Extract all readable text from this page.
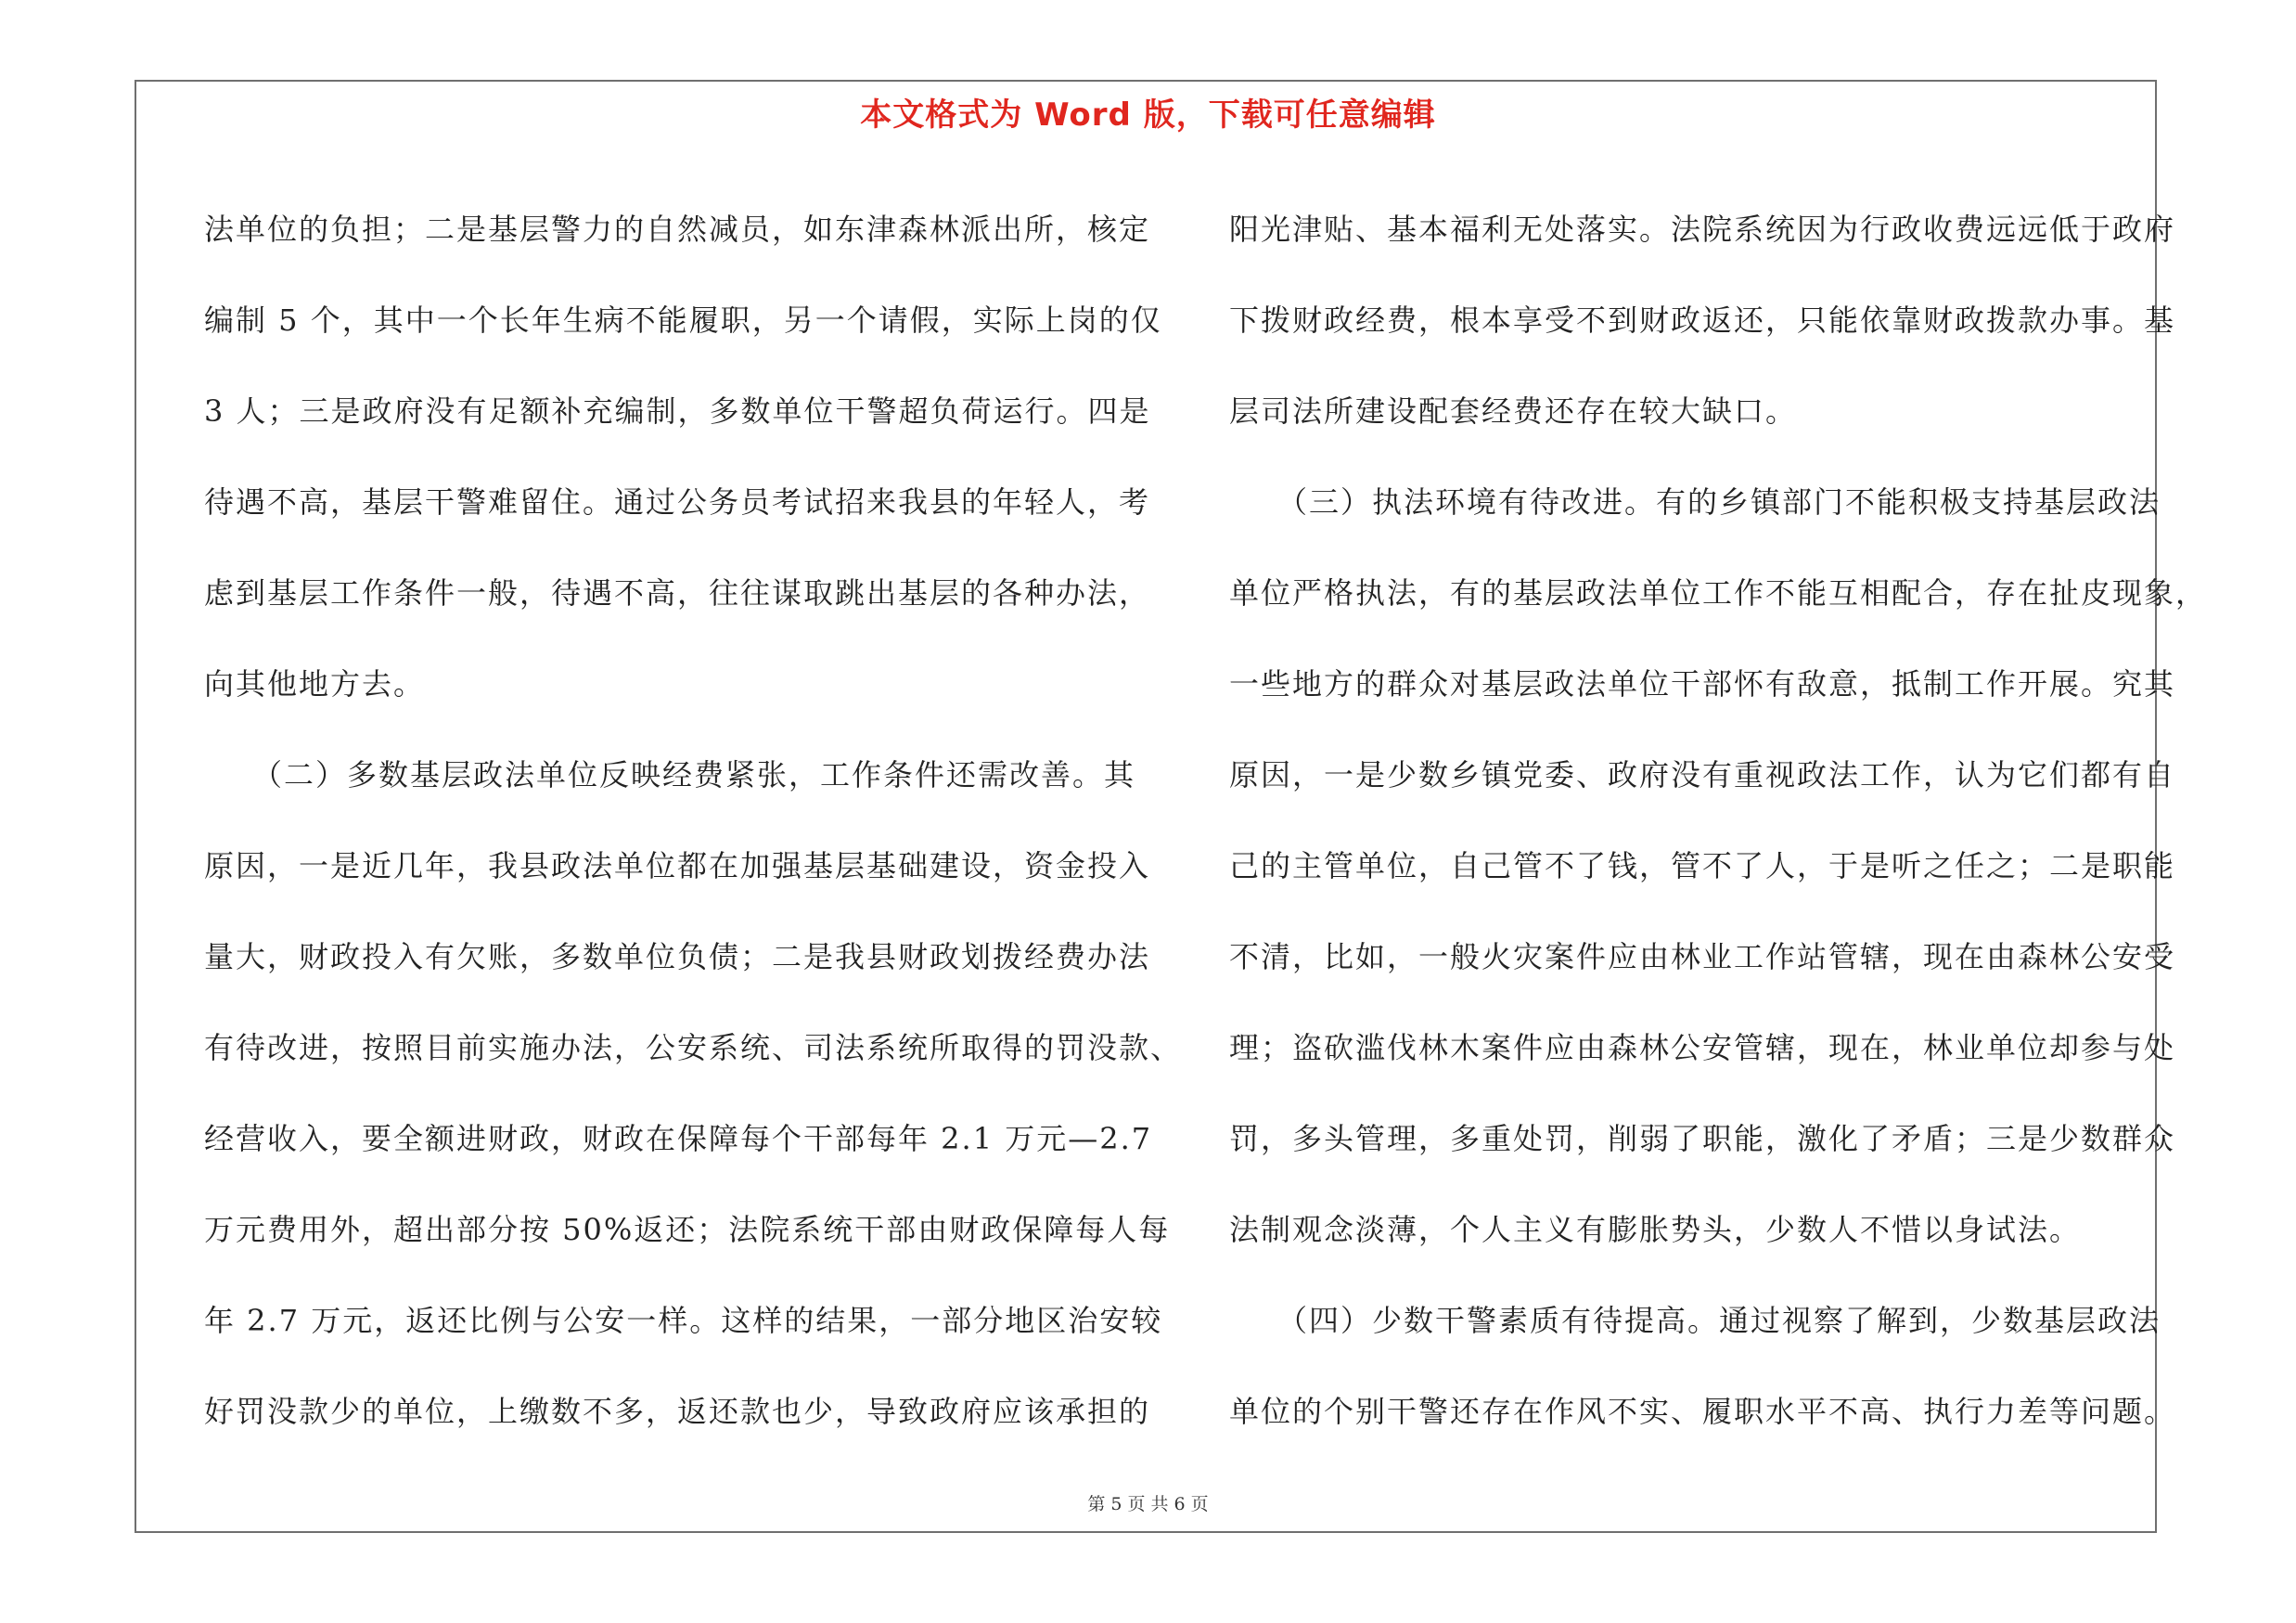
本文格式为 Word 版，下载可任意编辑
法单位的负担；二是基层警力的自然减员，如东津森林派出所，核定
编制 5 个，其中一个长年生病不能履职，另一个请假，实际上岗的仅
3 人；三是政府没有足额补充编制，多数单位干警超负荷运行。四是
待遇不高，基层干警难留住。通过公务员考试招来我县的年轻人，考
虑到基层工作条件一般，待遇不高，往往谋取跳出基层的各种办法，
向其他地方去。
　　（二）多数基层政法单位反映经费紧张，工作条件还需改善。其
原因，一是近几年，我县政法单位都在加强基层基础建设，资金投入
量大，财政投入有欠账，多数单位负债；二是我县财政划拨经费办法
有待改进，按照目前实施办法，公安系统、司法系统所取得的罚没款、
经营收入，要全额进财政，财政在保障每个干部每年 2.1 万元—2.7
万元费用外，超出部分按 50%返还；法院系统干部由财政保障每人每
年 2.7 万元，返还比例与公安一样。这样的结果，一部分地区治安较
好罚没款少的单位，上缴数不多，返还款也少，导致政府应该承担的
阳光津贴、基本福利无处落实。法院系统因为行政收费远远低于政府
下拨财政经费，根本享受不到财政返还，只能依靠财政拨款办事。基
层司法所建设配套经费还存在较大缺口。
　　（三）执法环境有待改进。有的乡镇部门不能积极支持基层政法
单位严格执法，有的基层政法单位工作不能互相配合，存在扯皮现象，
一些地方的群众对基层政法单位干部怀有敌意，抵制工作开展。究其
原因，一是少数乡镇党委、政府没有重视政法工作，认为它们都有自
己的主管单位，自己管不了钱，管不了人，于是听之任之；二是职能
不清，比如，一般火灾案件应由林业工作站管辖，现在由森林公安受
理；盗砍滥伐林木案件应由森林公安管辖，现在，林业单位却参与处
罚，多头管理，多重处罚，削弱了职能，激化了矛盾；三是少数群众
法制观念淡薄，个人主义有膨胀势头，少数人不惜以身试法。
　　（四）少数干警素质有待提高。通过视察了解到，少数基层政法
单位的个别干警还存在作风不实、履职水平不高、执行力差等问题。
第 5 页 共 6 页
